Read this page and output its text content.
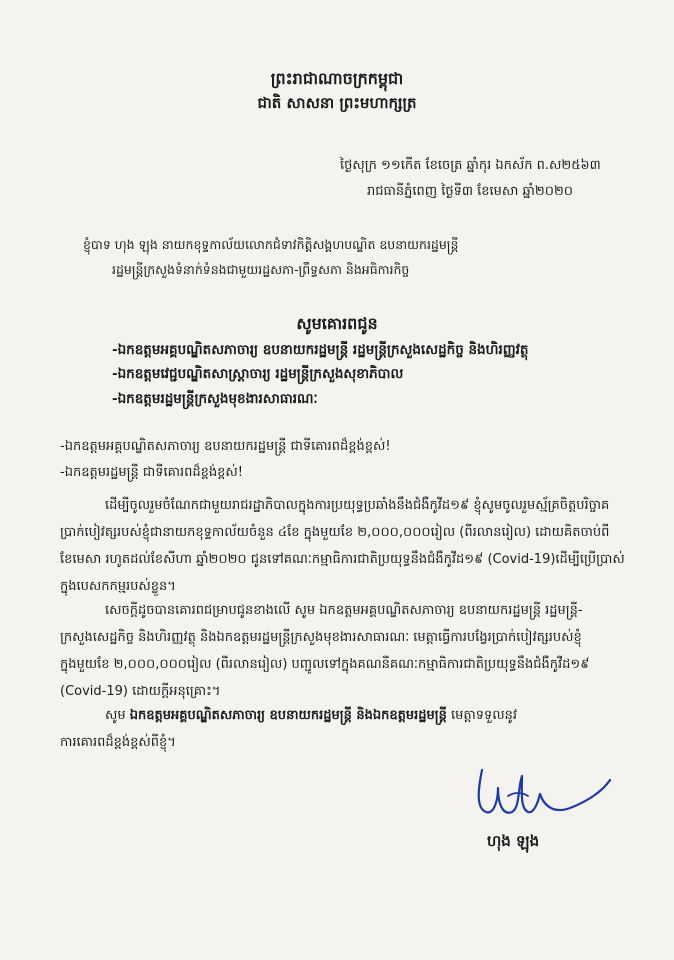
ព្រះរាជាណាចក្រកម្ពុជា
ជាតិ សាសនា ព្រះមហាក្សត្រ
ថ្ងៃសុក្រ ១១កើត ខែចេត្រ ឆ្នាំកុរ ឯកស័ក ព.ស២៥៦៣
រាជធានីភ្នំពេញ ថ្ងៃទី៣ ខែមេសា ឆ្នាំ២០២០
ខ្ញុំបាទ ហុង ឡុង នាយកខុទ្ទកាល័យលោកជំទាវកិត្តិសង្គហបណ្ឌិត ឧបនាយករដ្ឋមន្ត្រី
រដ្ឋមន្ត្រីក្រសួងទំនាក់ទំនងជាមួយរដ្ឋសភា-ព្រឹទ្ធសភា និងអធិការកិច្ច
សូមគោរពជូន
-ឯកឧត្តមអគ្គបណ្ឌិតសភាចារ្យ ឧបនាយករដ្ឋមន្ត្រី រដ្ឋមន្ត្រីក្រសួងសេដ្ឋកិច្ច និងហិរញ្ញវត្ថុ
-ឯកឧត្តមវេជ្ជបណ្ឌិតសាស្ត្រាចារ្យ រដ្ឋមន្ត្រីក្រសួងសុខាភិបាល
-ឯកឧត្តមរដ្ឋមន្ត្រីក្រសួងមុខងារសាធារណៈ
-ឯកឧត្តមអគ្គបណ្ឌិតសភាចារ្យ ឧបនាយករដ្ឋមន្ត្រី ជាទីគោរពដ៏ខ្ពង់ខ្ពស់!
-ឯកឧត្តមរដ្ឋមន្ត្រី ជាទីគោរពដ៏ខ្ពង់ខ្ពស់!
ដើម្បីចូលរួមចំណែកជាមួយរាជរដ្ឋាភិបាលក្នុងការប្រយុទ្ធប្រឆាំងនឹងជំងឺកូវីដ១៩ ខ្ញុំសូមចូលរួមស្ម័គ្រចិត្តបរិច្ចាគ
ប្រាក់បៀវត្សរបស់ខ្ញុំជានាយកខុទ្ទកាល័យចំនួន ៤ខែ ក្នុងមួយខែ ២,០០០,០០០រៀល (ពីរលានរៀល) ដោយគិតចាប់ពី
ខែមេសា រហូតដល់ខែសីហា ឆ្នាំ២០២០ ជូនទៅគណៈកម្មាធិការជាតិប្រយុទ្ធនឹងជំងឺកូវីដ១៩ (Covid-19)ដើម្បីប្រើប្រាស់
ក្នុងបេសកកម្មរបស់ខ្លួន។
សេចក្តីដូចបានគោរពជម្រាបជូនខាងលើ សូម ឯកឧត្តមអគ្គបណ្ឌិតសភាចារ្យ ឧបនាយករដ្ឋមន្ត្រី រដ្ឋមន្ត្រី-
ក្រសួងសេដ្ឋកិច្ច និងហិរញ្ញវត្ថុ និងឯកឧត្តមរដ្ឋមន្ត្រីក្រសួងមុខងារសាធារណៈ មេត្តាធ្វើការបង្វែរប្រាក់បៀវត្សរបស់ខ្ញុំ
ក្នុងមួយខែ ២,០០០,០០០រៀល (ពីរលានរៀល) បញ្ជូលទៅក្នុងគណនីគណៈកម្មាធិការជាតិប្រយុទ្ធនឹងជំងឺកូវីដ១៩
(Covid-19) ដោយក្តីអនុគ្រោះ។
សូម ឯកឧត្តមអគ្គបណ្ឌិតសភាចារ្យ ឧបនាយករដ្ឋមន្ត្រី និងឯកឧត្តមរដ្ឋមន្ត្រី មេត្តាទទួលនូវ
ការគោរពដ៏ខ្ពង់ខ្ពស់ពីខ្ញុំ។
ហុង ឡុង
